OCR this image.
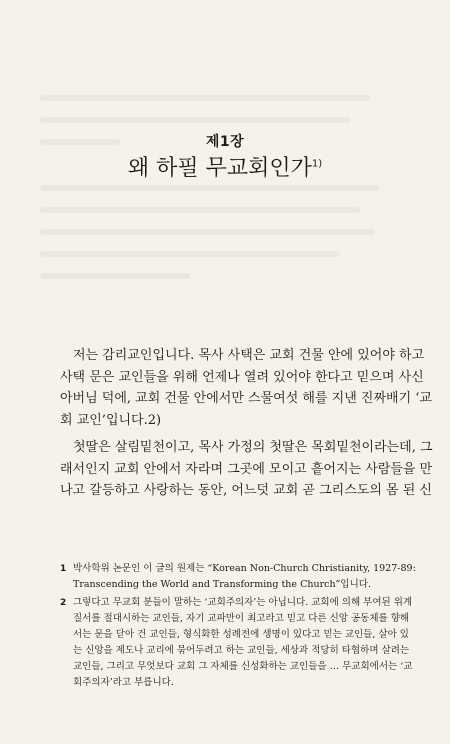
제1장
왜 하필 무교회인가$^{1)}$
저는 감리교인입니다. 목사 사택은 교회 건물 안에 있어야 하고
사택 문은 교인들을 위해 언제나 열려 있어야 한다고 믿으며 사신
아버님 덕에, 교회 건물 안에서만 스물여섯 해를 지낸 진짜배기 ‘교
회 교인’입니다.2)
첫딸은 살림밑천이고, 목사 가정의 첫딸은 목회밑천이라는데, 그
래서인지 교회 안에서 자라며 그곳에 모이고 흩어지는 사람들을 만
나고 갈등하고 사랑하는 동안, 어느덧 교회 곧 그리스도의 몸 된 신
1 박사학위 논문인 이 글의 원제는 “Korean Non-Church Christianity, 1927-89:
Transcending the World and Transforming the Church”입니다.
2 그렇다고 무교회 분들이 말하는 ‘교회주의자’는 아닙니다. 교회에 의해 부여된 위계
질서를 절대시하는 교인들, 자기 교파만이 최고라고 믿고 다른 신앙 공동체를 향해
서는 문을 닫아 건 교인들, 형식화한 성례전에 생명이 있다고 믿는 교인들, 살아 있
는 신앙을 제도나 교리에 묶어두려고 하는 교인들, 세상과 적당히 타협하며 살려는
교인들, 그리고 무엇보다 교회 그 자체를 신성화하는 교인들을 … 무교회에서는 ‘교
회주의자’라고 부릅니다.
